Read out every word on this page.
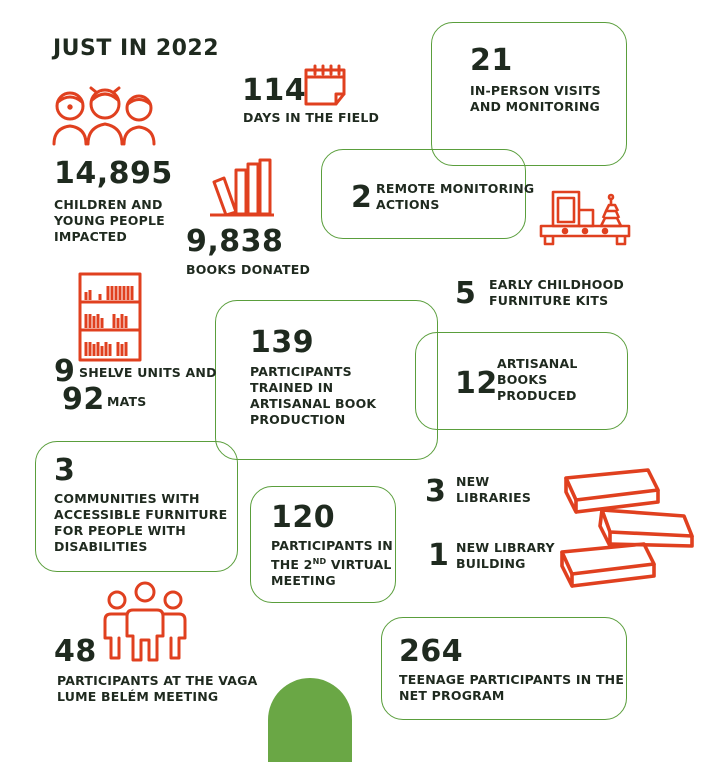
JUST IN 2022
14,895
CHILDREN AND
YOUNG PEOPLE
IMPACTED
114
DAYS IN THE FIELD
21
IN-PERSON VISITS
AND MONITORING
9,838
BOOKS DONATED
2 REMOTE MONITORING
ACTIONS
5 EARLY CHILDHOOD
FURNITURE KITS
9 SHELVE UNITS AND
92 MATS
139
PARTICIPANTS
TRAINED IN
ARTISANAL BOOK
PRODUCTION
12
ARTISANAL
BOOKS
PRODUCED
3
COMMUNITIES WITH
ACCESSIBLE FURNITURE
FOR PEOPLE WITH
DISABILITIES
120
PARTICIPANTS IN
THE 2ND VIRTUAL
MEETING
3 NEW
LIBRARIES
1 NEW LIBRARY
BUILDING
48
PARTICIPANTS AT THE VAGA
LUME BELÉM MEETING
264
TEENAGE PARTICIPANTS IN THE
NET PROGRAM
